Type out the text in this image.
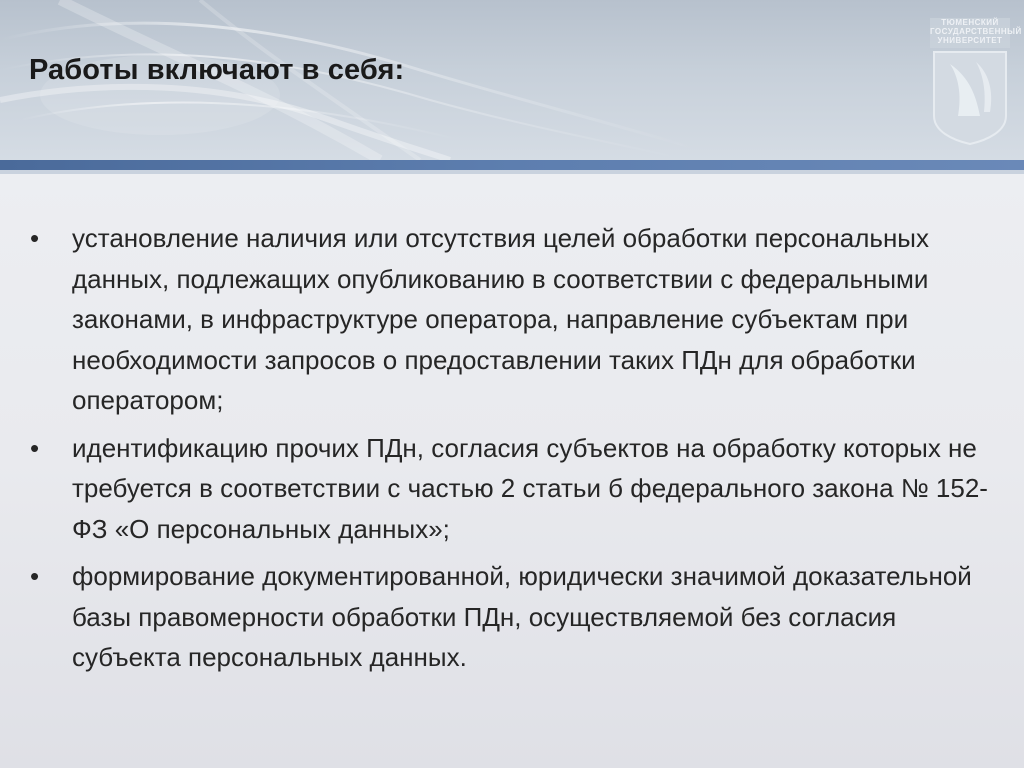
Работы включают в себя:
ТЮМЕНСКИЙ ГОСУДАРСТВЕННЫЙ УНИВЕРСИТЕТ
• установление наличия или отсутствия целей обработки персональных данных, подлежащих опубликованию в соответствии с федеральными законами, в инфраструктуре оператора, направление субъектам при необходимости запросов о предоставлении таких ПДн для обработки оператором;
• идентификацию прочих ПДн, согласия субъектов на обработку которых не требуется в соответствии с частью 2 статьи б федерального закона № 152-ФЗ «О персональных данных»;
• формирование документированной, юридически значимой доказательной базы правомерности обработки ПДн, осуществляемой без согласия субъекта персональных данных.
